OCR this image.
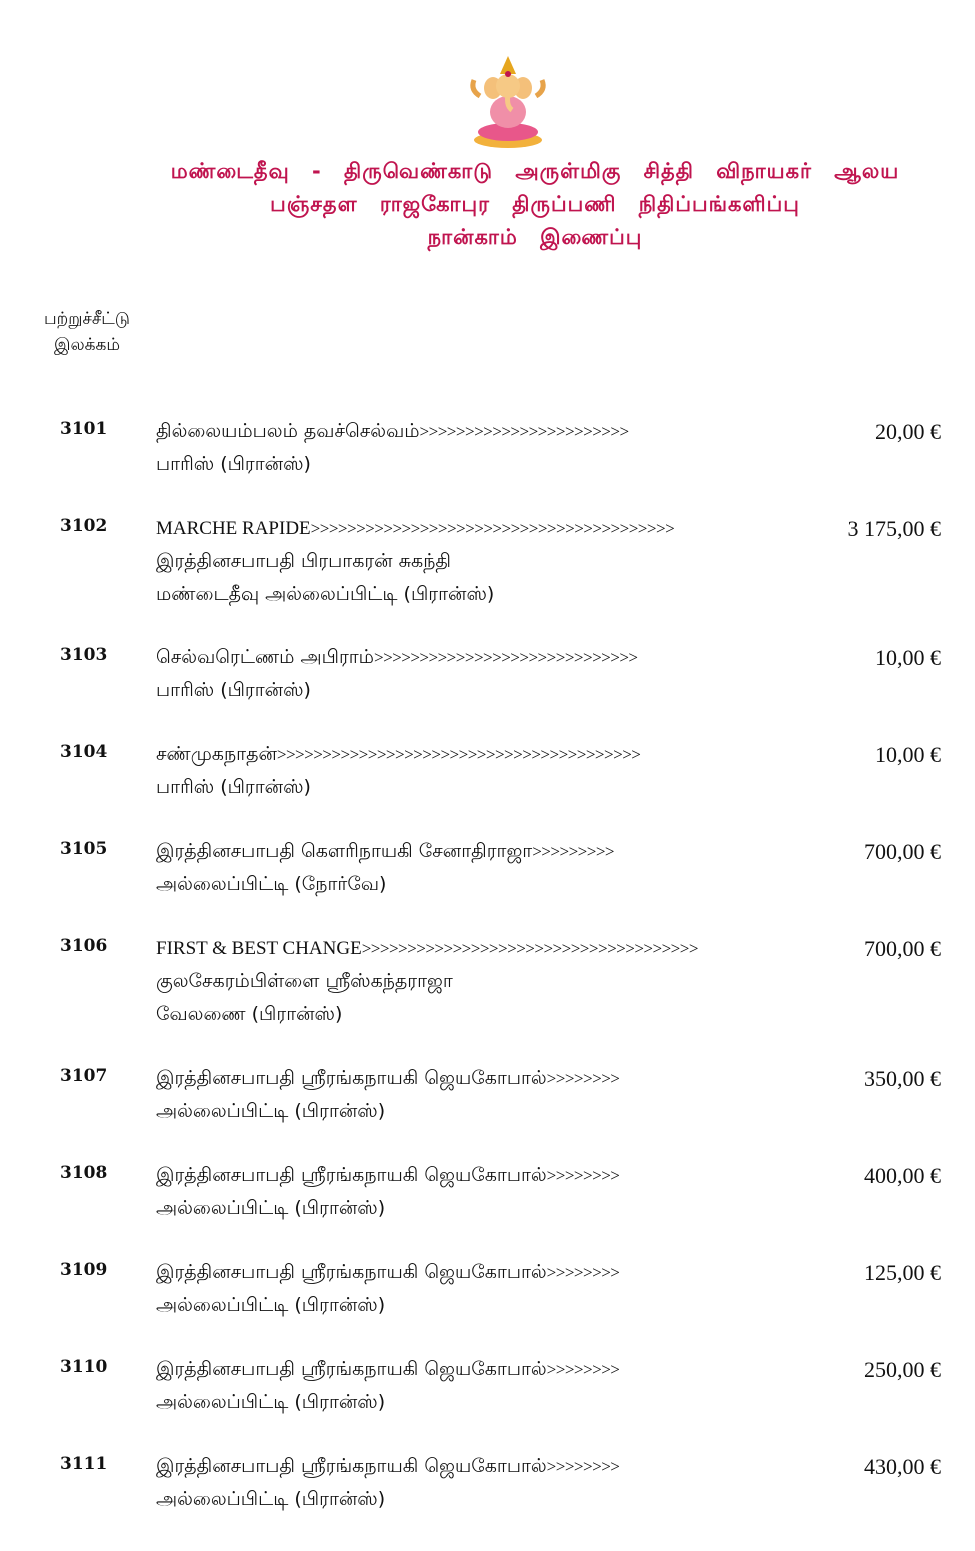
மண்டைதீவு - திருவெண்காடு அருள்மிகு சித்தி விநாயகர் ஆலய
பஞ்சதள ராஜகோபுர திருப்பணி நிதிப்பங்களிப்பு
நான்காம் இணைப்பு
பற்றுச்சீட்டு
இலக்கம்
3101	தில்லையம்பலம் தவச்செல்வம்>>>>>>>>>>>>>>>>>>>>>>>
பாரிஸ் (பிரான்ஸ்)
20,00 €
3102	MARCHE RAPIDE>>>>>>>>>>>>>>>>>>>>>>>>>>>>>>>>>>>>>>>>
இரத்தினசபாபதி பிரபாகரன் சுகந்தி
மண்டைதீவு அல்லைப்பிட்டி (பிரான்ஸ்)
3 175,00 €
3103	செல்வரெட்ணம் அபிராம்>>>>>>>>>>>>>>>>>>>>>>>>>>>>>
பாரிஸ் (பிரான்ஸ்)
10,00 €
3104	சண்முகநாதன்>>>>>>>>>>>>>>>>>>>>>>>>>>>>>>>>>>>>>>>>
பாரிஸ் (பிரான்ஸ்)
10,00 €
3105	இரத்தினசபாபதி கெளரிநாயகி சேனாதிராஜா>>>>>>>>>
அல்லைப்பிட்டி (நோர்வே)
700,00 €
3106	FIRST & BEST CHANGE>>>>>>>>>>>>>>>>>>>>>>>>>>>>>>>>>>>>>
குலசேகரம்பிள்ளை ஸ்ரீஸ்கந்தராஜா
வேலணை (பிரான்ஸ்)
700,00 €
3107	இரத்தினசபாபதி ஸ்ரீரங்கநாயகி ஜெயகோபால்>>>>>>>>
அல்லைப்பிட்டி (பிரான்ஸ்)
350,00 €
3108	இரத்தினசபாபதி ஸ்ரீரங்கநாயகி ஜெயகோபால்>>>>>>>>
அல்லைப்பிட்டி (பிரான்ஸ்)
400,00 €
3109	இரத்தினசபாபதி ஸ்ரீரங்கநாயகி ஜெயகோபால்>>>>>>>>
அல்லைப்பிட்டி (பிரான்ஸ்)
125,00 €
3110	இரத்தினசபாபதி ஸ்ரீரங்கநாயகி ஜெயகோபால்>>>>>>>>
அல்லைப்பிட்டி (பிரான்ஸ்)
250,00 €
3111	இரத்தினசபாபதி ஸ்ரீரங்கநாயகி ஜெயகோபால்>>>>>>>>
அல்லைப்பிட்டி (பிரான்ஸ்)
430,00 €
